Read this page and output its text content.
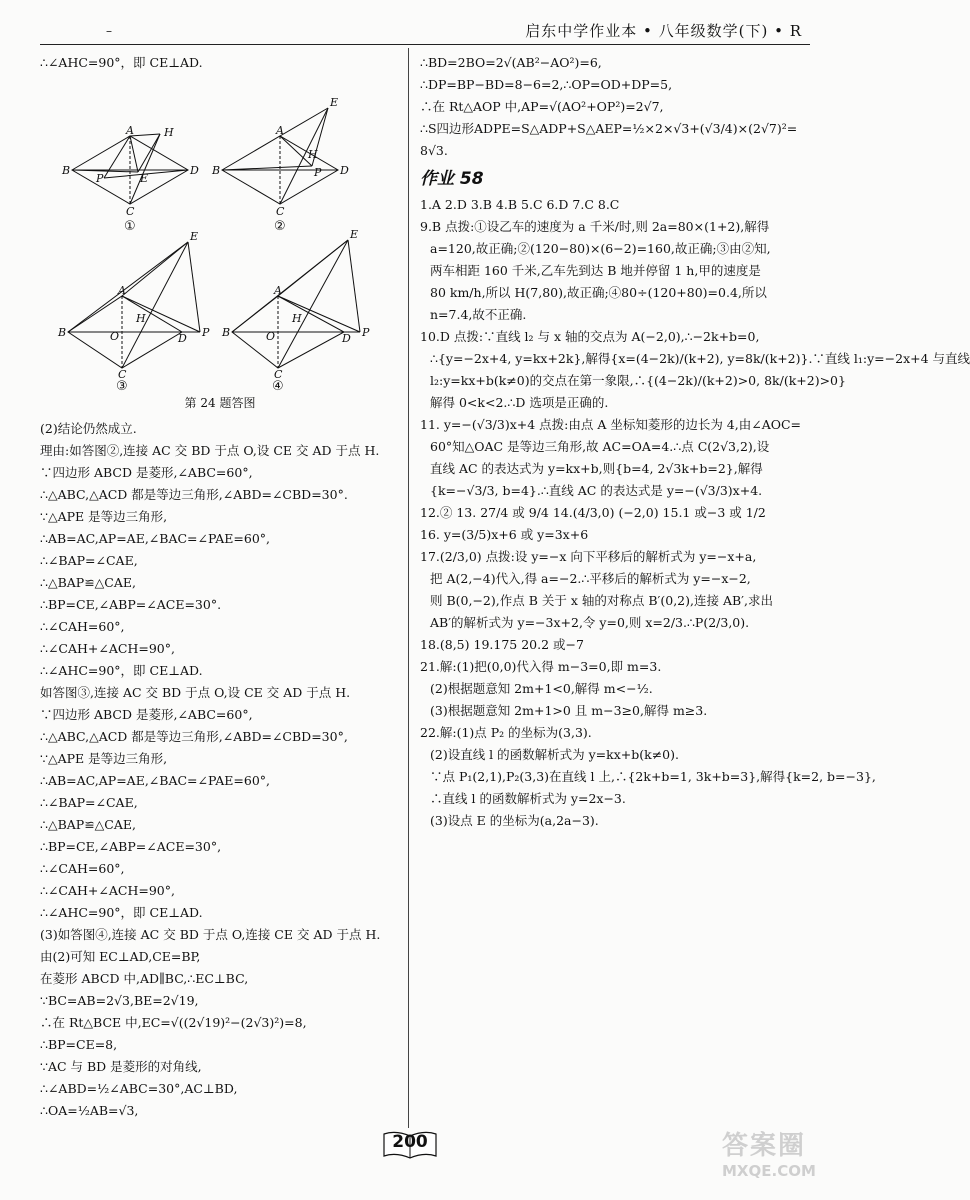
–	启东中学作业本 • 八年级数学(下) • R
∴∠AHC=90°，即 CE⊥AD.
A
B	D
C
H
E
P
A
B	D
C
E
H
P
A
B	D
C
E
H
P
O
A
B	D
C
E
H
P
O
①	②
③	④
第 24 题答图
(2)结论仍然成立.
理由:如答图②,连接 AC 交 BD 于点 O,设 CE 交 AD 于点 H.
∵四边形 ABCD 是菱形,∠ABC=60°,
∴△ABC,△ACD 都是等边三角形,∠ABD=∠CBD=30°.
∵△APE 是等边三角形,
∴AB=AC,AP=AE,∠BAC=∠PAE=60°,
∴∠BAP=∠CAE,
∴△BAP≌△CAE,
∴BP=CE,∠ABP=∠ACE=30°.
∴∠CAH=60°,
∴∠CAH+∠ACH=90°,
∴∠AHC=90°，即 CE⊥AD.
如答图③,连接 AC 交 BD 于点 O,设 CE 交 AD 于点 H.
∵四边形 ABCD 是菱形,∠ABC=60°,
∴△ABC,△ACD 都是等边三角形,∠ABD=∠CBD=30°,
∵△APE 是等边三角形,
∴AB=AC,AP=AE,∠BAC=∠PAE=60°,
∴∠BAP=∠CAE,
∴△BAP≌△CAE,
∴BP=CE,∠ABP=∠ACE=30°,
∴∠CAH=60°,
∴∠CAH+∠ACH=90°,
∴∠AHC=90°，即 CE⊥AD.
(3)如答图④,连接 AC 交 BD 于点 O,连接 CE 交 AD 于点 H.
由(2)可知 EC⊥AD,CE=BP,
在菱形 ABCD 中,AD∥BC,∴EC⊥BC,
∵BC=AB=2√3,BE=2√19,
∴在 Rt△BCE 中,EC=√((2√19)²−(2√3)²)=8,
∴BP=CE=8,
∵AC 与 BD 是菱形的对角线,
∴∠ABD=½∠ABC=30°,AC⊥BD,
∴OA=½AB=√3,
∴BD=2BO=2√(AB²−AO²)=6,
∴DP=BP−BD=8−6=2,∴OP=OD+DP=5,
∴在 Rt△AOP 中,AP=√(AO²+OP²)=2√7,
∴S四边形ADPE=S△ADP+S△AEP=½×2×√3+(√3/4)×(2√7)²=
8√3.
作业 58
1.A 2.D 3.B 4.B 5.C 6.D 7.C 8.C
9.B 点拨:①设乙车的速度为 a 千米/时,则 2a=80×(1+2),解得
a=120,故正确;②(120−80)×(6−2)=160,故正确;③由②知,
两车相距 160 千米,乙车先到达 B 地并停留 1 h,甲的速度是
80 km/h,所以 H(7,80),故正确;④80÷(120+80)=0.4,所以
n=7.4,故不正确.
10.D 点拨:∵直线 l₂ 与 x 轴的交点为 A(−2,0),∴−2k+b=0,
∴{y=−2x+4, y=kx+2k},解得{x=(4−2k)/(k+2), y=8k/(k+2)}.∵直线 l₁:y=−2x+4 与直线
l₂:y=kx+b(k≠0)的交点在第一象限,∴{(4−2k)/(k+2)>0, 8k/(k+2)>0}
解得 0<k<2.∴D 选项是正确的.
11. y=−(√3/3)x+4 点拨:由点 A 坐标知菱形的边长为 4,由∠AOC=
60°知△OAC 是等边三角形,故 AC=OA=4.∴点 C(2√3,2),设
直线 AC 的表达式为 y=kx+b,则{b=4, 2√3k+b=2},解得
{k=−√3/3, b=4}.∴直线 AC 的表达式是 y=−(√3/3)x+4.
12.② 13. 27/4 或 9/4 14.(4/3,0) (−2,0) 15.1 或−3 或 1/2
16. y=(3/5)x+6 或 y=3x+6
17.(2/3,0) 点拨:设 y=−x 向下平移后的解析式为 y=−x+a,
把 A(2,−4)代入,得 a=−2.∴平移后的解析式为 y=−x−2,
则 B(0,−2),作点 B 关于 x 轴的对称点 B′(0,2),连接 AB′,求出
AB′的解析式为 y=−3x+2,令 y=0,则 x=2/3.∴P(2/3,0).
18.(8,5) 19.175 20.2 或−7
21.解:(1)把(0,0)代入得 m−3=0,即 m=3.
(2)根据题意知 2m+1<0,解得 m<−½.
(3)根据题意知 2m+1>0 且 m−3≥0,解得 m≥3.
22.解:(1)点 P₂ 的坐标为(3,3).
(2)设直线 l 的函数解析式为 y=kx+b(k≠0).
∵点 P₁(2,1),P₂(3,3)在直线 l 上,∴{2k+b=1, 3k+b=3},解得{k=2, b=−3},
∴直线 l 的函数解析式为 y=2x−3.
(3)设点 E 的坐标为(a,2a−3).
200	答案圈
MXQE.COM
